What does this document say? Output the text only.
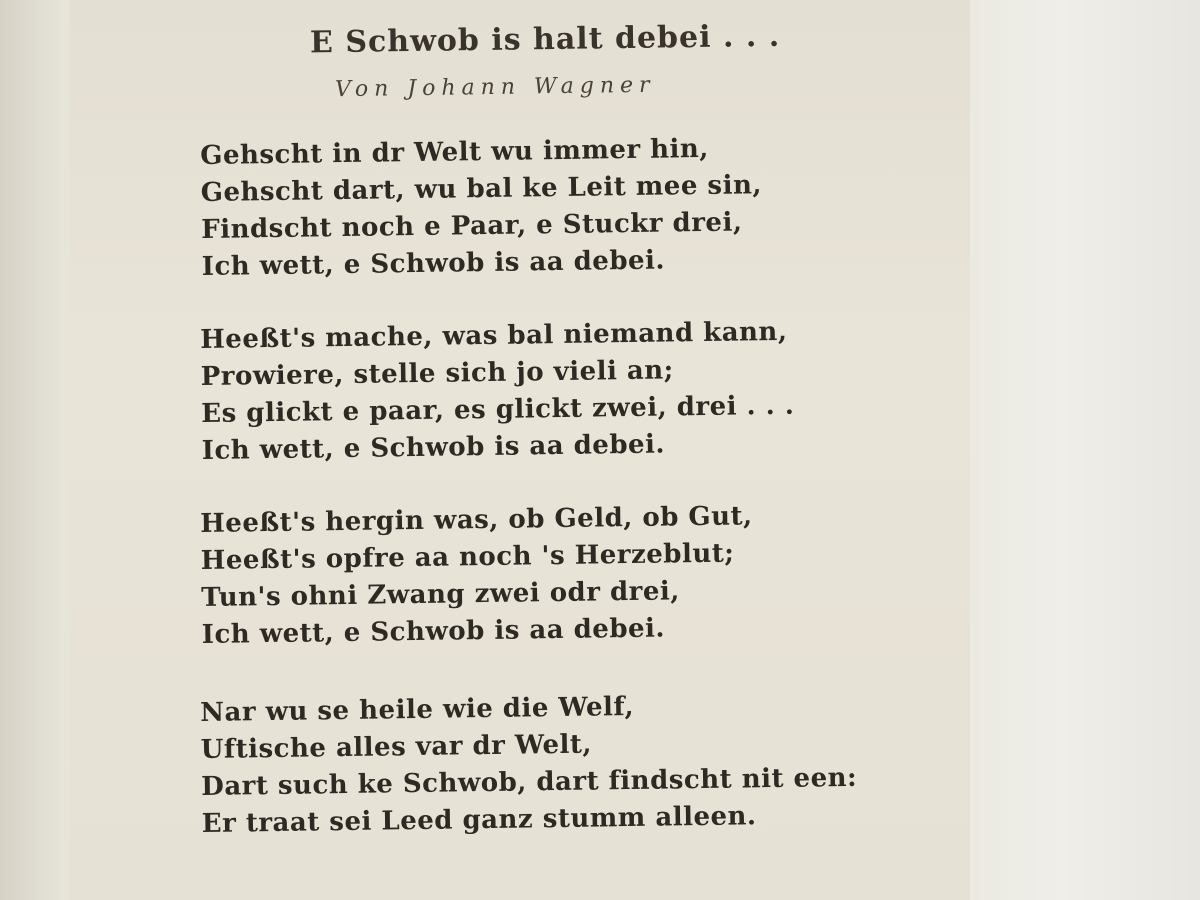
E Schwob is halt debei . . .
Von Johann Wagner
Gehscht in dr Welt wu immer hin,
Gehscht dart, wu bal ke Leit mee sin,
Findscht noch e Paar, e Stuckr drei,
Ich wett, e Schwob is aa debei.
Heeßt's mache, was bal niemand kann,
Prowiere, stelle sich jo vieli an;
Es glickt e paar, es glickt zwei, drei . . .
Ich wett, e Schwob is aa debei.
Heeßt's hergin was, ob Geld, ob Gut,
Heeßt's opfre aa noch 's Herzeblut;
Tun's ohni Zwang zwei odr drei,
Ich wett, e Schwob is aa debei.
Nar wu se heile wie die Welf,
Uftische alles var dr Welt,
Dart such ke Schwob, dart findscht nit een:
Er traat sei Leed ganz stumm alleen.
